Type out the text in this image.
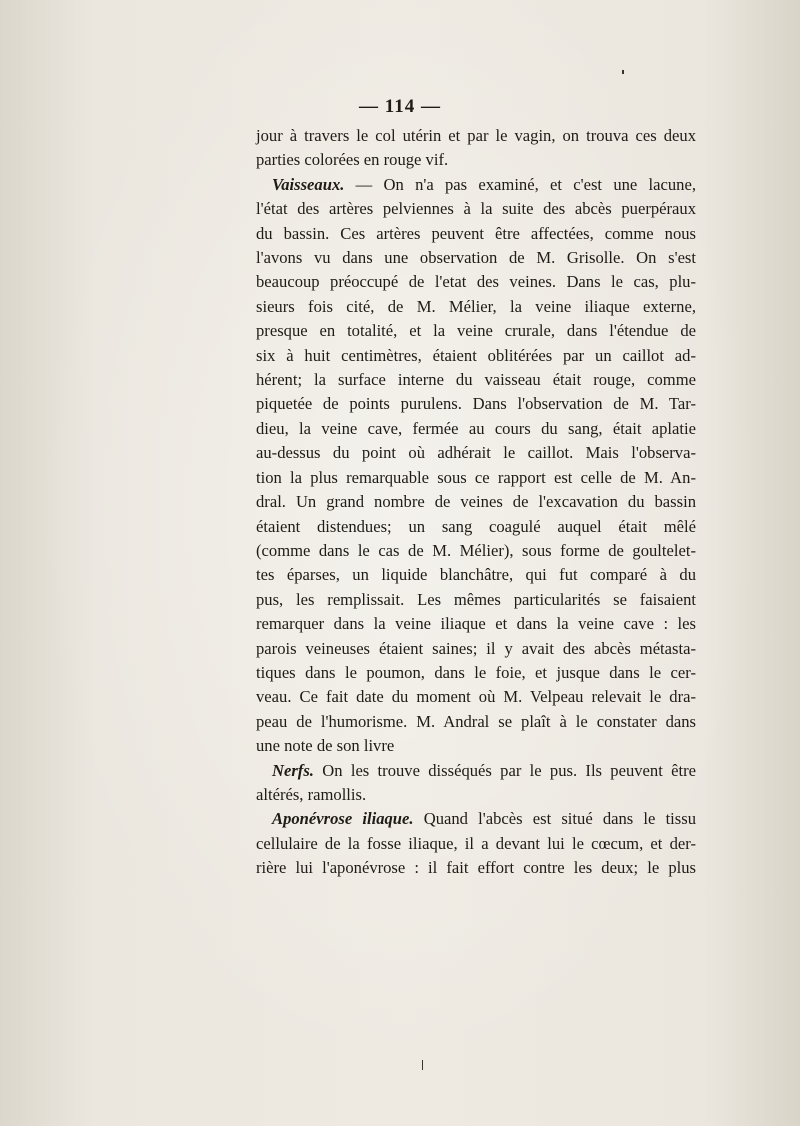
— 114 —
jour à travers le col utérin et par le vagin, on trouva ces deux
parties colorées en rouge vif.
Vaisseaux. — On n'a pas examiné, et c'est une lacune,
l'état des artères pelviennes à la suite des abcès puerpéraux
du bassin. Ces artères peuvent être affectées, comme nous
l'avons vu dans une observation de M. Grisolle. On s'est
beaucoup préoccupé de l'etat des veines. Dans le cas, plu-
sieurs fois cité, de M. Mélier, la veine iliaque externe,
presque en totalité, et la veine crurale, dans l'étendue de
six à huit centimètres, étaient oblitérées par un caillot ad-
hérent; la surface interne du vaisseau était rouge, comme
piquetée de points purulens. Dans l'observation de M. Tar-
dieu, la veine cave, fermée au cours du sang, était aplatie
au-dessus du point où adhérait le caillot. Mais l'observa-
tion la plus remarquable sous ce rapport est celle de M. An-
dral. Un grand nombre de veines de l'excavation du bassin
étaient distendues; un sang coagulé auquel était mêlé
(comme dans le cas de M. Mélier), sous forme de goultelet-
tes éparses, un liquide blanchâtre, qui fut comparé à du
pus, les remplissait. Les mêmes particularités se faisaient
remarquer dans la veine iliaque et dans la veine cave : les
parois veineuses étaient saines; il y avait des abcès métasta-
tiques dans le poumon, dans le foie, et jusque dans le cer-
veau. Ce fait date du moment où M. Velpeau relevait le dra-
peau de l'humorisme. M. Andral se plaît à le constater dans
une note de son livre
Nerfs. On les trouve disséqués par le pus. Ils peuvent être
altérés, ramollis.
Aponévrose iliaque. Quand l'abcès est situé dans le tissu
cellulaire de la fosse iliaque, il a devant lui le cœcum, et der-
rière lui l'aponévrose : il fait effort contre les deux; le plus
